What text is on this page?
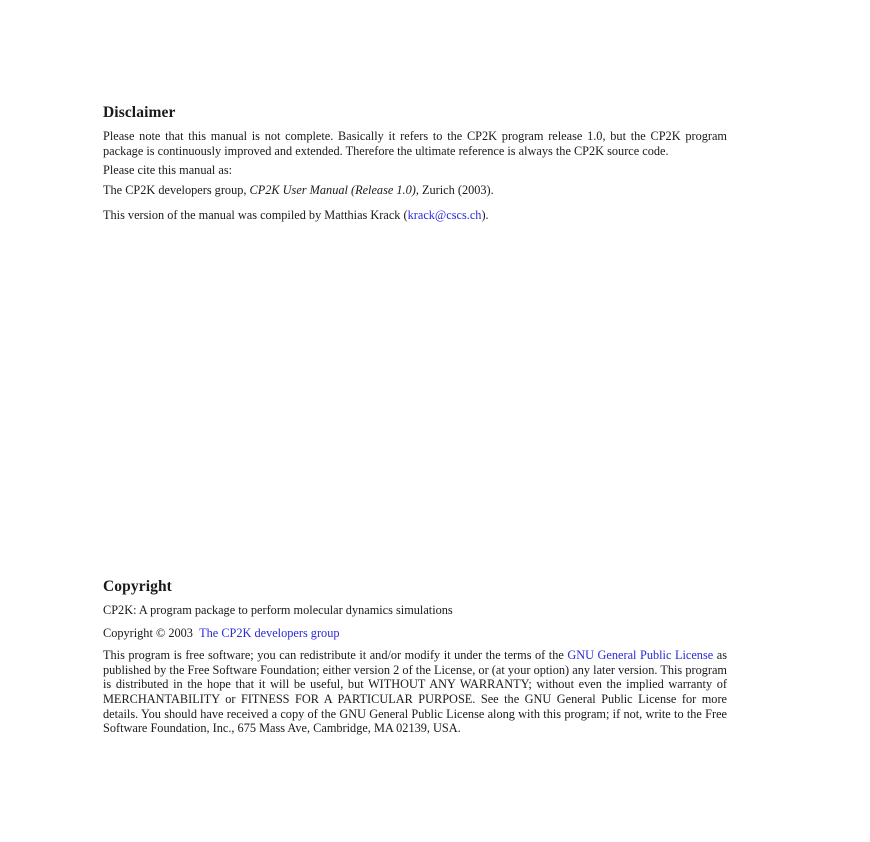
Disclaimer

Please note that this manual is not complete. Basically it refers to the CP2K program release 1.0, but the CP2K program package is continuously improved and extended. Therefore the ultimate reference is always the CP2K source code.

Please cite this manual as:

The CP2K developers group, CP2K User Manual (Release 1.0), Zurich (2003).

This version of the manual was compiled by Matthias Krack (krack@cscs.ch).

Copyright

CP2K: A program package to perform molecular dynamics simulations

Copyright © 2003 The CP2K developers group

This program is free software; you can redistribute it and/or modify it under the terms of the GNU General Public License as published by the Free Software Foundation; either version 2 of the License, or (at your option) any later version. This program is distributed in the hope that it will be useful, but WITHOUT ANY WARRANTY; without even the implied warranty of MERCHANTABILITY or FITNESS FOR A PARTICULAR PURPOSE. See the GNU General Public License for more details. You should have received a copy of the GNU General Public License along with this program; if not, write to the Free Software Foundation, Inc., 675 Mass Ave, Cambridge, MA 02139, USA.
